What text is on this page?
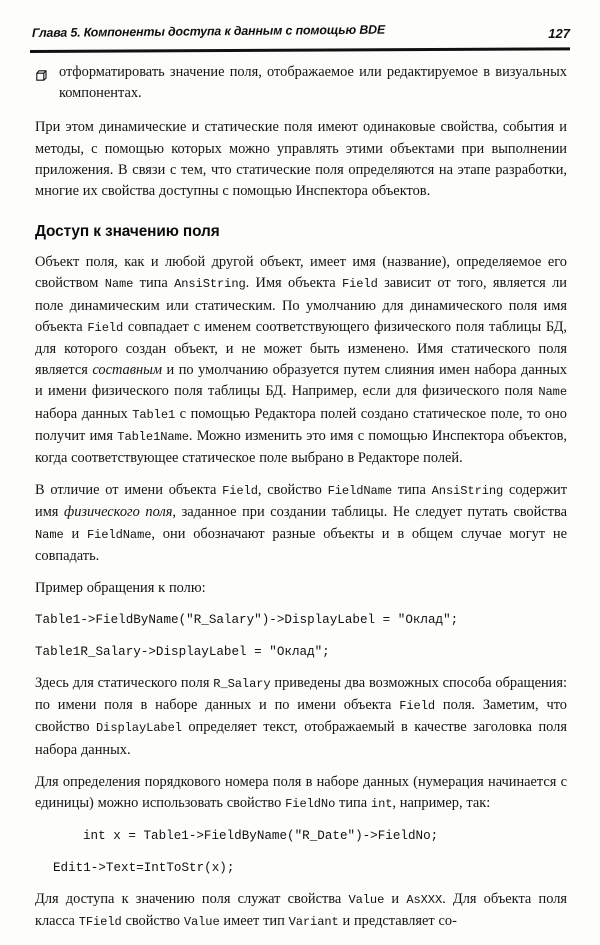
Глава 5. Компоненты доступа к данным с помощью BDE	127
отформатировать значение поля, отображаемое или редактируемое в визуальных компонентах.

При этом динамические и статические поля имеют одинаковые свойства, события и методы, с помощью которых можно управлять этими объектами при выполнении приложения. В связи с тем, что статические поля определяются на этапе разработки, многие их свойства доступны с помощью Инспектора объектов.

Доступ к значению поля

Объект поля, как и любой другой объект, имеет имя (название), определяемое его свойством Name типа AnsiString. Имя объекта Field зависит от того, является ли поле динамическим или статическим. По умолчанию для динамического поля имя объекта Field совпадает с именем соответствующего физического поля таблицы БД, для которого создан объект, и не может быть изменено. Имя статического поля является составным и по умолчанию образуется путем слияния имен набора данных и имени физического поля таблицы БД. Например, если для физического поля Name набора данных Table1 с помощью Редактора полей создано статическое поле, то оно получит имя Table1Name. Можно изменить это имя с помощью Инспектора объектов, когда соответствующее статическое поле выбрано в Редакторе полей.

В отличие от имени объекта Field, свойство FieldName типа AnsiString содержит имя физического поля, заданное при создании таблицы. Не следует путать свойства Name и FieldName, они обозначают разные объекты и в общем случае могут не совпадать.

Пример обращения к полю:

Table1->FieldByName("R_Salary")->DisplayLabel = "Оклад";
Table1R_Salary->DisplayLabel = "Оклад";

Здесь для статического поля R_Salary приведены два возможных способа обращения: по имени поля в наборе данных и по имени объекта Field поля. Заметим, что свойство DisplayLabel определяет текст, отображаемый в качестве заголовка поля набора данных.

Для определения порядкового номера поля в наборе данных (нумерация начинается с единицы) можно использовать свойство FieldNo типа int, например, так:

int x = Table1->FieldByName("R_Date")->FieldNo;
Edit1->Text=IntToStr(x);

Для доступа к значению поля служат свойства Value и AsXXX. Для объекта поля класса TField свойство Value имеет тип Variant и представляет со-
